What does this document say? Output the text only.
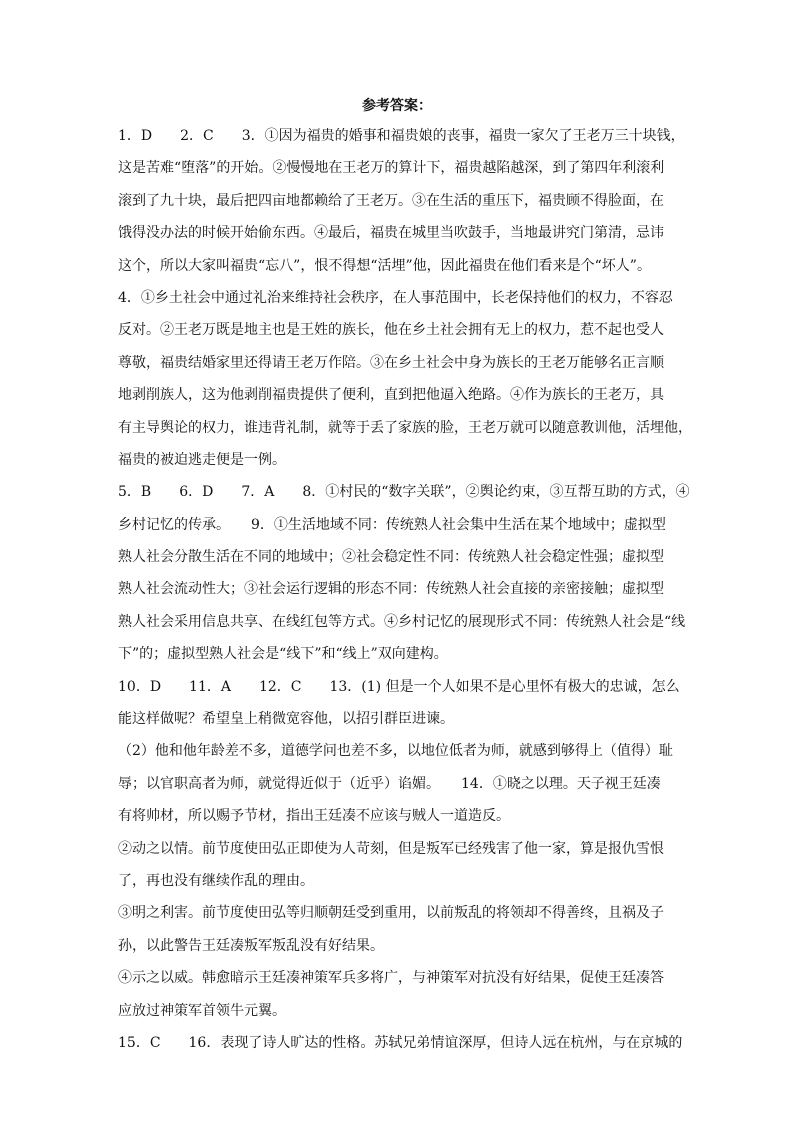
参考答案：
1．D　　2．C　　3．①因为福贵的婚事和福贵娘的丧事，福贵一家欠了王老万三十块钱，
这是苦难“堕落”的开始。②慢慢地在王老万的算计下，福贵越陷越深，到了第四年利滚利
滚到了九十块，最后把四亩地都赖给了王老万。③在生活的重压下，福贵顾不得脸面，在
饿得没办法的时候开始偷东西。④最后，福贵在城里当吹鼓手，当地最讲究门第清，忌讳
这个，所以大家叫福贵“忘八”，恨不得想“活埋”他，因此福贵在他们看来是个“坏人”。
4．①乡土社会中通过礼治来维持社会秩序，在人事范围中，长老保持他们的权力，不容忍
反对。②王老万既是地主也是王姓的族长，他在乡土社会拥有无上的权力，惹不起也受人
尊敬，福贵结婚家里还得请王老万作陪。③在乡土社会中身为族长的王老万能够名正言顺
地剥削族人，这为他剥削福贵提供了便利，直到把他逼入绝路。④作为族长的王老万，具
有主导舆论的权力，谁违背礼制，就等于丢了家族的脸，王老万就可以随意教训他，活埋他，
福贵的被迫逃走便是一例。
5．B　　6．D　　7．A　　8．①村民的“数字关联”，②舆论约束，③互帮互助的方式，④
乡村记忆的传承。　　9．①生活地域不同：传统熟人社会集中生活在某个地域中；虚拟型
熟人社会分散生活在不同的地域中；②社会稳定性不同：传统熟人社会稳定性强；虚拟型
熟人社会流动性大；③社会运行逻辑的形态不同：传统熟人社会直接的亲密接触；虚拟型
熟人社会采用信息共享、在线红包等方式。④乡村记忆的展现形式不同：传统熟人社会是“线
下”的；虚拟型熟人社会是“线下”和“线上”双向建构。
10．D　　11．A　　12．C　　13．(1) 但是一个人如果不是心里怀有极大的忠诚，怎么
能这样做呢？希望皇上稍微宽容他，以招引群臣进谏。
（2）他和他年龄差不多，道德学问也差不多，以地位低者为师，就感到够得上（值得）耻
辱；以官职高者为师，就觉得近似于（近乎）谄媚。　　14．①晓之以理。天子视王廷凑
有将帅材，所以赐予节材，指出王廷凑不应该与贼人一道造反。
②动之以情。前节度使田弘正即使为人苛刻，但是叛军已经残害了他一家，算是报仇雪恨
了，再也没有继续作乱的理由。
③明之利害。前节度使田弘等归顺朝廷受到重用，以前叛乱的将领却不得善终，且祸及子
孙，以此警告王廷凑叛军叛乱没有好结果。
④示之以威。韩愈暗示王廷凑神策军兵多将广，与神策军对抗没有好结果，促使王廷凑答
应放过神策军首领牛元翼。
15．C　　16．表现了诗人旷达的性格。苏轼兄弟情谊深厚，但诗人远在杭州，与在京城的
